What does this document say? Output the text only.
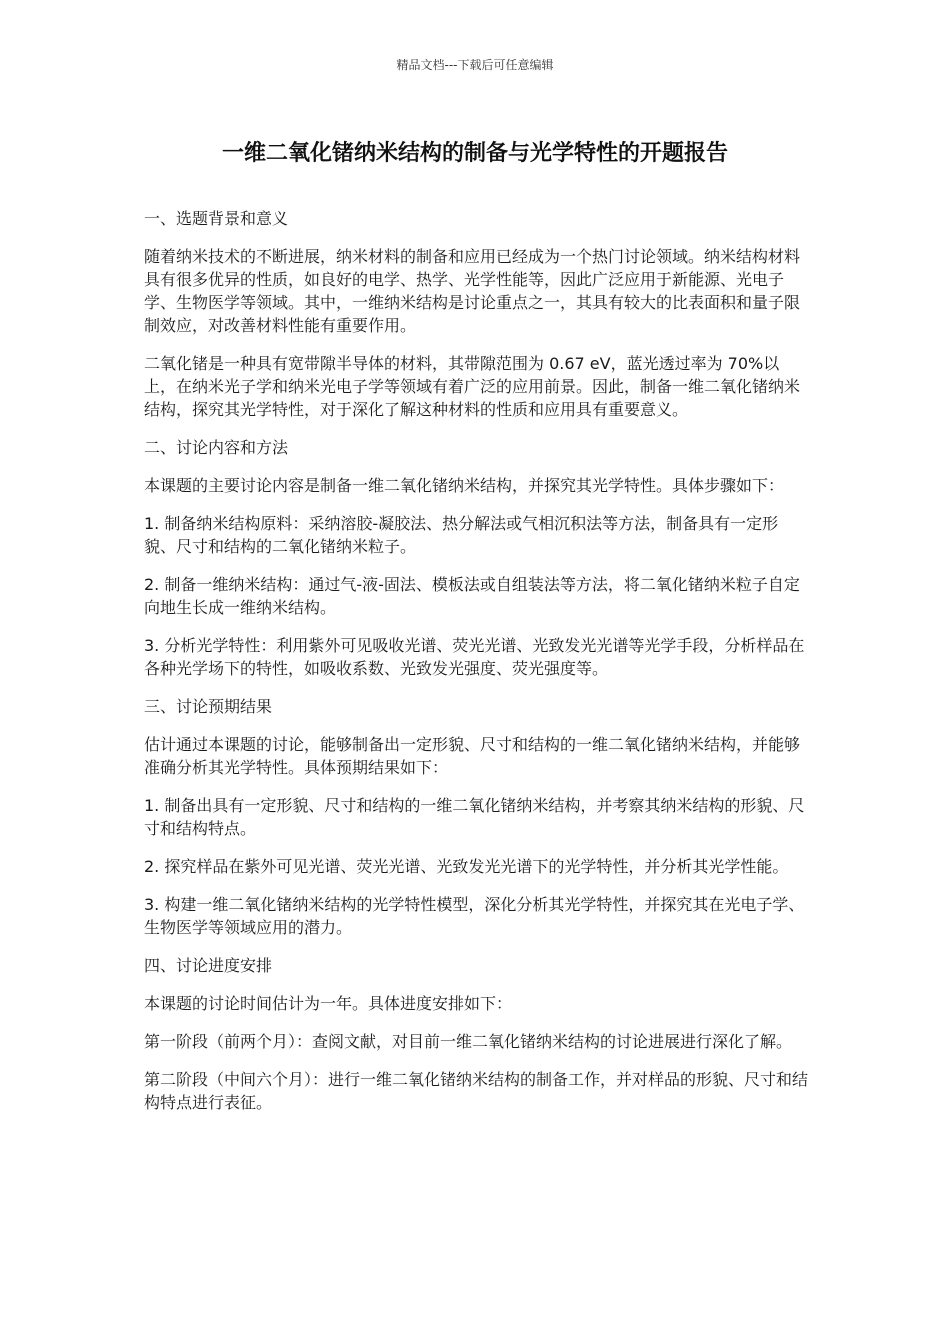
精品文档---下载后可任意编辑
一维二氧化锗纳米结构的制备与光学特性的开题报告

一、选题背景和意义

随着纳米技术的不断进展，纳米材料的制备和应用已经成为一个热门讨论领域。纳米结构材料具有很多优异的性质，如良好的电学、热学、光学性能等，因此广泛应用于新能源、光电子学、生物医学等领域。其中，一维纳米结构是讨论重点之一，其具有较大的比表面积和量子限制效应，对改善材料性能有重要作用。

二氧化锗是一种具有宽带隙半导体的材料，其带隙范围为 0.67 eV，蓝光透过率为 70%以上，在纳米光子学和纳米光电子学等领域有着广泛的应用前景。因此，制备一维二氧化锗纳米结构，探究其光学特性，对于深化了解这种材料的性质和应用具有重要意义。

二、讨论内容和方法

本课题的主要讨论内容是制备一维二氧化锗纳米结构，并探究其光学特性。具体步骤如下：

1. 制备纳米结构原料：采纳溶胶-凝胶法、热分解法或气相沉积法等方法，制备具有一定形貌、尺寸和结构的二氧化锗纳米粒子。

2. 制备一维纳米结构：通过气-液-固法、模板法或自组装法等方法，将二氧化锗纳米粒子自定向地生长成一维纳米结构。

3. 分析光学特性：利用紫外可见吸收光谱、荧光光谱、光致发光光谱等光学手段，分析样品在各种光学场下的特性，如吸收系数、光致发光强度、荧光强度等。

三、讨论预期结果

估计通过本课题的讨论，能够制备出一定形貌、尺寸和结构的一维二氧化锗纳米结构，并能够准确分析其光学特性。具体预期结果如下：

1. 制备出具有一定形貌、尺寸和结构的一维二氧化锗纳米结构，并考察其纳米结构的形貌、尺寸和结构特点。

2. 探究样品在紫外可见光谱、荧光光谱、光致发光光谱下的光学特性，并分析其光学性能。

3. 构建一维二氧化锗纳米结构的光学特性模型，深化分析其光学特性，并探究其在光电子学、生物医学等领域应用的潜力。

四、讨论进度安排

本课题的讨论时间估计为一年。具体进度安排如下：

第一阶段（前两个月）：查阅文献，对目前一维二氧化锗纳米结构的讨论进展进行深化了解。

第二阶段（中间六个月）：进行一维二氧化锗纳米结构的制备工作，并对样品的形貌、尺寸和结构特点进行表征。
